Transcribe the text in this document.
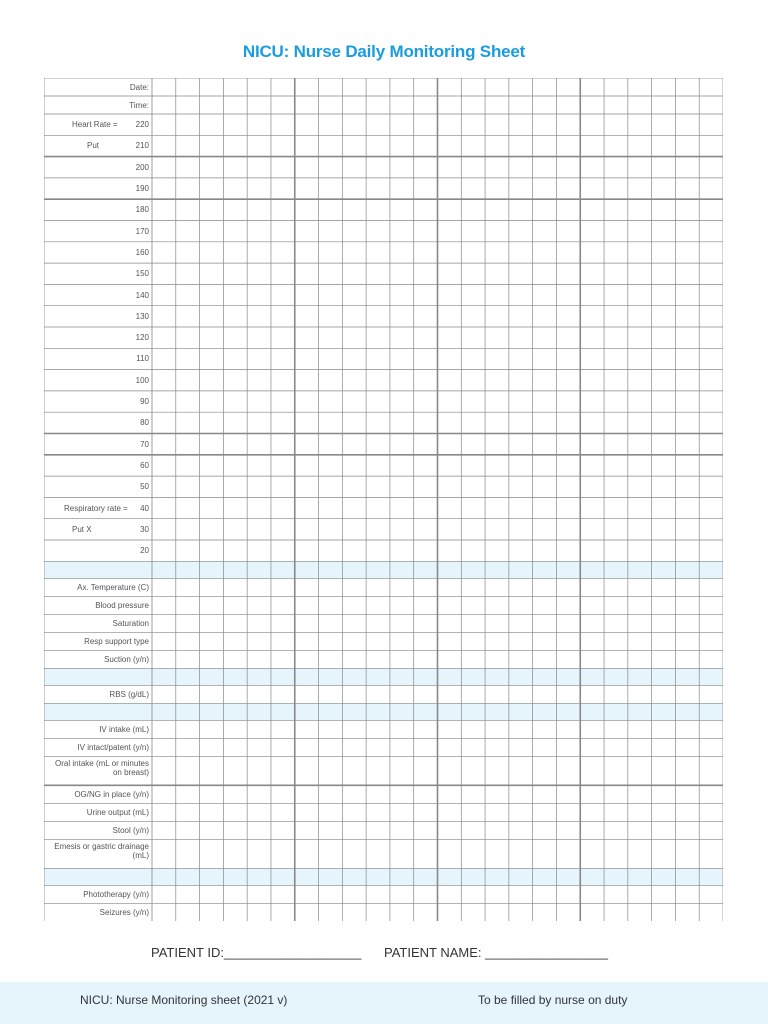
NICU: Nurse Daily Monitoring Sheet
Date:
Time:
220
Heart Rate =
210
Put
200
190
180
170
160
150
140
130
120
110
100
90
80
70
60
50
40
Respiratory rate =
30
Put X
20
Ax. Temperature (C)
Blood pressure
Saturation
Resp support type
Suction (y/n)
RBS (g/dL)
IV intake (mL)
IV intact/patent (y/n)
Oral intake (mL or minutes on breast)
OG/NG in place (y/n)
Urine output (mL)
Stool (y/n)
Emesis or gastric drainage (mL)
Phototherapy (y/n)
Seizures (y/n)
PATIENT ID:___________________ PATIENT NAME: _________________
NICU: Nurse Monitoring sheet (2021 v)	To be filled by nurse on duty
